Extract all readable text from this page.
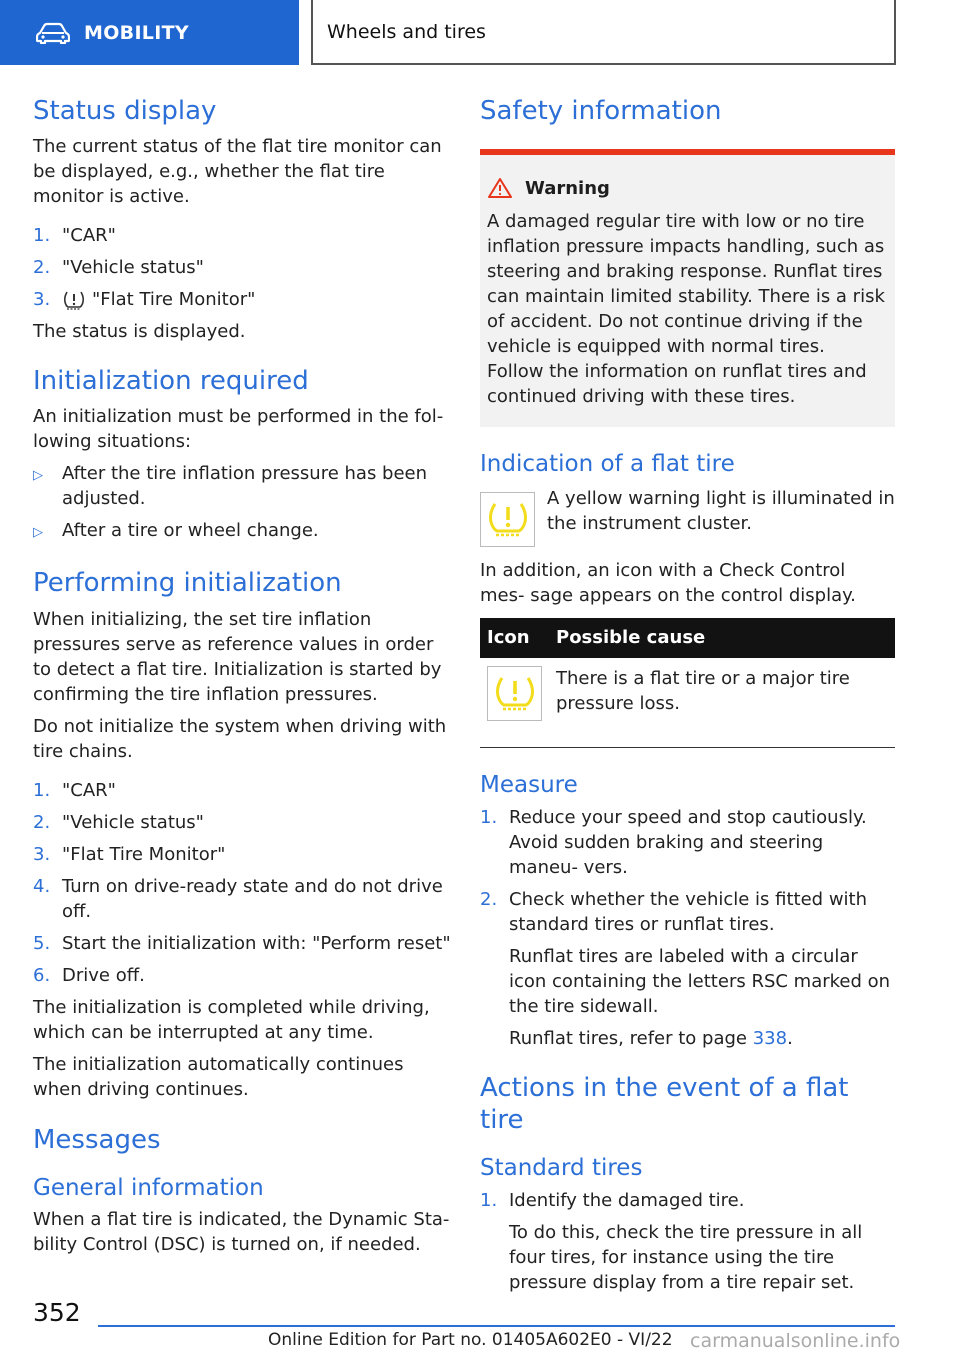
MOBILITY	Wheels and tires
Status display

The current status of the flat tire monitor can be displayed, e.g., whether the flat tire monitor is active.

1. "CAR"
2. "Vehicle status"
3.	"Flat Tire Monitor"

The status is displayed.

Initialization required

An initialization must be performed in the fol‐ lowing situations:

▷	After the tire inflation pressure has been adjusted.
▷	After a tire or wheel change.
Performing initialization

When initializing, the set tire inflation pressures serve as reference values in order to detect a flat tire. Initialization is started by confirming the tire inflation pressures.

Do not initialize the system when driving with tire chains.

1. "CAR"
2. "Vehicle status"
3. "Flat Tire Monitor"
4. Turn on drive-ready state and do not drive off.
5. Start the initialization with: "Perform reset"
6. Drive off.

The initialization is completed while driving, which can be interrupted at any time.

The initialization automatically continues when driving continues.

Messages
General information

When a flat tire is indicated, the Dynamic Sta‐ bility Control (DSC) is turned on, if needed.

Safety information
Warning

A damaged regular tire with low or no tire inflation pressure impacts handling, such as steering and braking response. Runflat tires can maintain limited stability. There is a risk of accident. Do not continue driving if the vehicle is equipped with normal tires. Follow the information on runflat tires and continued driving with these tires.

Indication of a flat tire

A yellow warning light is illuminated in the instrument cluster.

In addition, an icon with a Check Control mes‐ sage appears on the control display.

Icon	Possible cause

	There is a flat tire or a major tire pressure loss.
Measure
1. Reduce your speed and stop cautiously. Avoid sudden braking and steering maneu‐ vers.
2. Check whether the vehicle is fitted with standard tires or runflat tires.

Runflat tires are labeled with a circular icon containing the letters RSC marked on the tire sidewall.

Runflat tires, refer to page 338.

Actions in the event of a flat tire
Standard tires
1. Identify the damaged tire.

To do this, check the tire pressure in all four tires, for instance using the tire pressure display from a tire repair set.

352
Online Edition for Part no. 01405A602E0 - VI/22 carmanualsonline.info
